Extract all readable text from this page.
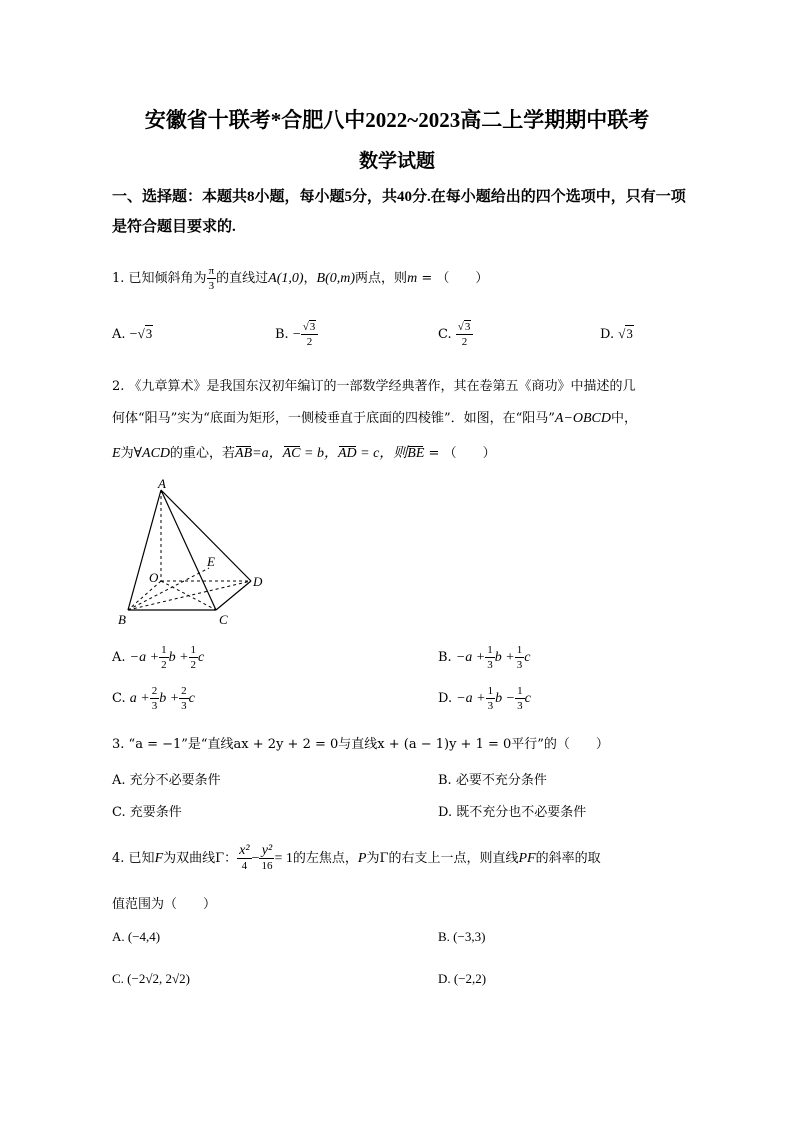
安徽省十联考*合肥八中2022~2023高二上学期期中联考
数学试题
一、选择题：本题共8小题，每小题5分，共40分.在每小题给出的四个选项中，只有一项是符合题目要求的.
1. 已知倾斜角为 $\frac{\pi}{3}$ 的直线过A(1,0)，B(0,m)两点，则m = （　　）
A. −√3	B. − $\frac{√3}{2}$	C. $\frac{√3}{2}$	D. √3
2. 《九章算术》是我国东汉初年编订的一部数学经典著作，其在卷第五《商功》中描述的几
何体“阳马”实为“底面为矩形，一侧棱垂直于底面的四棱锥”．如图，在“阳马”A−OBCD中，
E为∀ACD的重心，若AB=a，AC = b，AD = c，则BE = （　　）
A
O
E
D
B	C
A. $-a + \frac{1}{2}$ $b + \frac{1}{2}$ c	B. $-a + \frac{1}{3}$ $b + \frac{1}{3}$ c
C. $a + \frac{2}{3}$ $b + \frac{2}{3}$ c	D. $-a + \frac{1}{3}$ $b - \frac{1}{3}$ c
3. “a = −1”是“直线ax + 2y + 2 = 0与直线x + (a − 1)y + 1 = 0平行”的（　　）
A. 充分不必要条件	B. 必要不充分条件
C. 充要条件	D. 既不充分也不必要条件
4. 已知F为双曲线Γ： $\frac{\text{x²}}{4} - \frac{\text{y²}}{16} = 1$的左焦点，P为Γ的右支上一点，则直线PF的斜率的取
值范围为（　　）
A. (−4,4)	B. (−3,3)
C. (−2√2, 2√2)	D. (−2,2)
